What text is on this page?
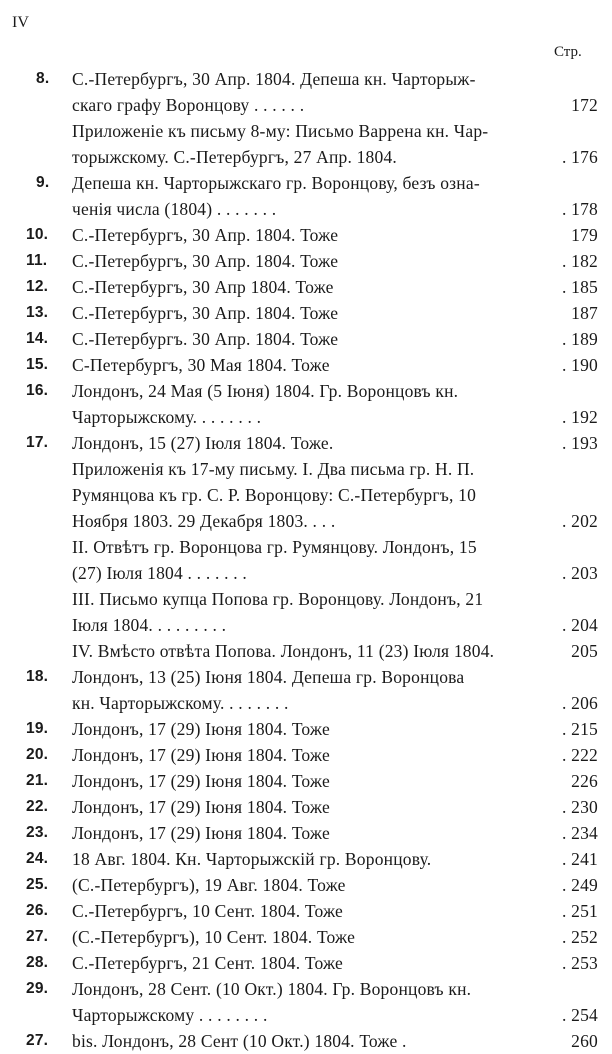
IV
Стр.
8.	С.-Петербургъ, 30 Апр. 1804. Депеша кн. Чарторыж-
скаго графу Воронцову . . . . . .	172
Приложеніе къ письму 8-му: Письмо Варрена кн. Чар-
торыжскому. С.-Петербургъ, 27 Апр. 1804.	. 176
9.	Депеша кн. Чарторыжскаго гр. Воронцову, безъ озна-
ченія числа (1804) . . . . . . .	. 178
10.	С.-Петербургъ, 30 Апр. 1804. Тоже	179
11.	С.-Петербургъ, 30 Апр. 1804. Тоже	. 182
12.	С.-Петербургъ, 30 Апр 1804. Тоже	. 185
13.	С.-Петербургъ, 30 Апр. 1804. Тоже	187
14.	С.-Петербургъ. 30 Апр. 1804. Тоже	. 189
15.	С-Петербургъ, 30 Мая 1804. Тоже	. 190
16.	Лондонъ, 24 Мая (5 Іюня) 1804. Гр. Воронцовъ кн.
Чарторыжскому. . . . . . . .	. 192
17.	Лондонъ, 15 (27) Іюля 1804. Тоже.	. 193
Приложенія къ 17-му письму. І. Два письма гр. Н. П.
Румянцова къ гр. С. Р. Воронцову: С.-Петербургъ, 10
Ноября 1803. 29 Декабря 1803. . . .	. 202
II. Отвѣтъ гр. Воронцова гр. Румянцову. Лондонъ, 15
(27) Іюля 1804 . . . . . . .	. 203
III. Письмо купца Попова гр. Воронцову. Лондонъ, 21
Іюля 1804. . . . . . . . .	. 204
IV. Вмѣсто отвѣта Попова. Лондонъ, 11 (23) Іюля 1804.	205
18.	Лондонъ, 13 (25) Іюня 1804. Депеша гр. Воронцова
кн. Чарторыжскому. . . . . . . .	. 206
19.	Лондонъ, 17 (29) Іюня 1804. Тоже	. 215
20.	Лондонъ, 17 (29) Іюня 1804. Тоже	. 222
21.	Лондонъ, 17 (29) Іюня 1804. Тоже	226
22.	Лондонъ, 17 (29) Іюня 1804. Тоже	. 230
23.	Лондонъ, 17 (29) Іюня 1804. Тоже	. 234
24.	18 Авг. 1804. Кн. Чарторыжскій гр. Воронцову.	. 241
25.	(С.-Петербургъ), 19 Авг. 1804. Тоже	. 249
26.	С.-Петербургъ, 10 Сент. 1804. Тоже	. 251
27.	(С.-Петербургъ), 10 Сент. 1804. Тоже	. 252
28.	С.-Петербургъ, 21 Сент. 1804. Тоже	. 253
29.	Лондонъ, 28 Сент. (10 Окт.) 1804. Гр. Воронцовъ кн.
Чарторыжскому . . . . . . . .	. 254
27.	bis. Лондонъ, 28 Сент (10 Окт.) 1804. Тоже .	260
